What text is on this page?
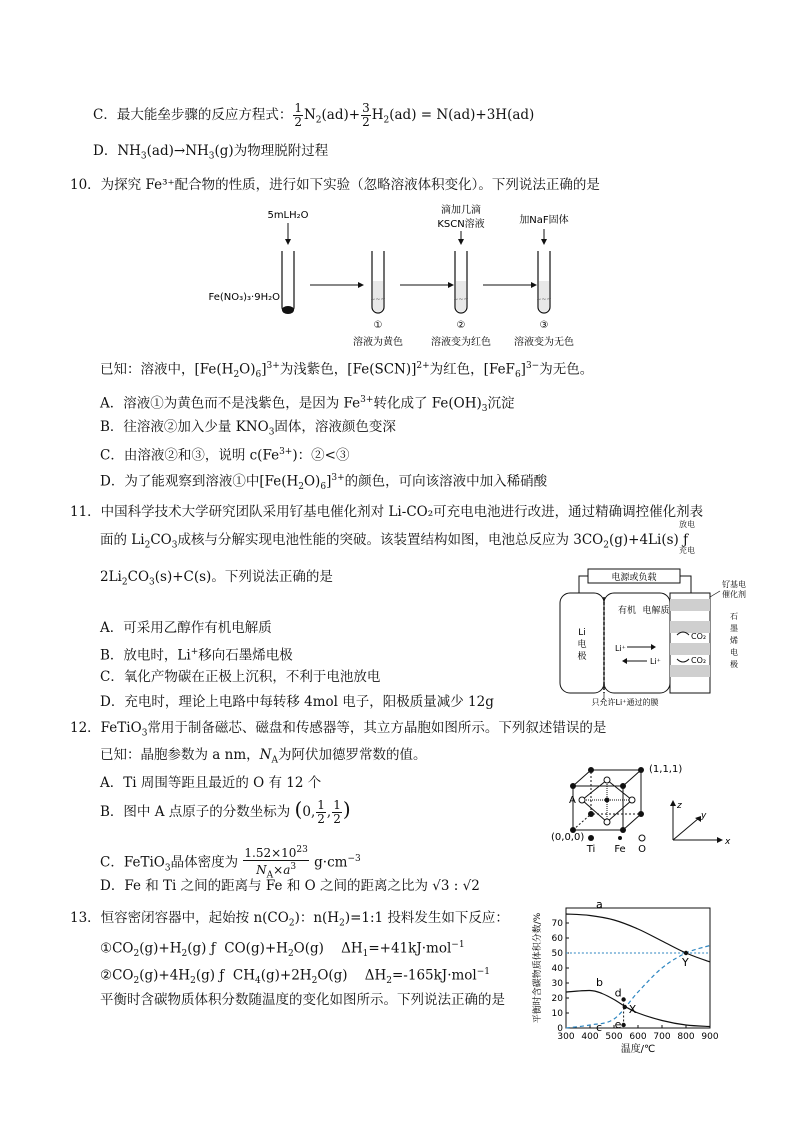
C．最大能垒步骤的反应方程式： $\frac{1}{2} N_2(ad)+ \frac{3}{2} H_2(ad) = N(ad)+3H(ad)$
D．$NH_3(ad)\to NH_3(g)$为物理脱附过程
10．为探究 Fe³⁺配合物的性质，进行如下实验（忽略溶液体积变化）。下列说法正确的是
5mLH₂O
Fe(NO₃)₃·9H₂O	~~~
①
溶液为黄色
滴加几滴
KSCN溶液
~~~
②
溶液变为红色
加NaF固体
~~~
③
溶液变为无色
已知：溶液中，$[Fe(H_2O)_6]^{3+}$为浅紫色，$[Fe(SCN)]^{2+}$为红色，$[FeF_6]^{3-}$为无色。
A．溶液①为黄色而不是浅紫色，是因为 $Fe^{3+}$转化成了 $Fe(OH)_3$沉淀
B．往溶液②加入少量 $KNO_3$固体，溶液颜色变深
C．由溶液②和③，说明 $c(Fe^{3+})$：②<③
D．为了能观察到溶液①中$[Fe(H_2O)_6]^{3+}$的颜色，可向该溶液中加入稀硝酸
11．中国科学技术大学研究团队采用钌基电催化剂对 Li-CO₂可充电电池进行改进，通过精确调控催化剂表
面的 $Li_2CO_3$成核与分解实现电池性能的突破。该装置结构如图，电池总反应为 $3CO_2(g)+4Li(s)$ ƒ
放电
充电
$2Li_2CO_3(s)+C(s)$。下列说法正确的是	电源或负载
Li
电
极
有机 电解质
Li⁺
Li⁺
CO₂
CO₂
钌基电
催化剂
石
墨
烯
电
极
只允许Li⁺通过的膜
A．可采用乙醇作有机电解质
B．放电时，Li+移向石墨烯电极
C．氧化产物碳在正极上沉积，不利于电池放电
D．充电时，理论上电路中每转移 4mol 电子，阳极质量减少 12g
12．FeTiO$_3$常用于制备磁芯、磁盘和传感器等，其立方晶胞如图所示。下列叙述错误的是
已知：晶胞参数为 a nm，$N_A$为阿伏加德罗常数的值。
A．Ti 周围等距且最近的 O 有 12 个
B．图中 A 点原子的分数坐标为 (0, $\frac{1}{2}$ , $\frac{1}{2}$ )
C．FeTiO$_3$晶体密度为 $\frac{1.52\times 10^{23}}{N_A\times a^3} g\cdot cm^{-3}$
D．Fe 和 Ti 之间的距离与 Fe 和 O 之间的距离之比为 √3 : √2
A
(1,1,1)
(0,0,0)
Ti Fe O
z
y
x
13．恒容密闭容器中，起始按 $n(CO_2)$：$n(H_2)=1:1$ 投料发生如下反应：
$①CO_2(g)+H_2(g)$ ƒ  $CO(g)+H_2O(g)$    $\Delta H_1=+41kJ\cdot mol^{-1}$
$②CO_2(g)+4H_2(g)$ ƒ  $CH_4(g)+2H_2O(g)$    $\Delta H_2=-165kJ\cdot mol^{-1}$
平衡时含碳物质体积分数随温度的变化如图所示。下列说法正确的是
300 400 500 600 700 800 900
0
10
20
30
40
50
60
70
温度/℃
平衡时含碳物质体积分数/%
a
b
c
d
e
X
Y
